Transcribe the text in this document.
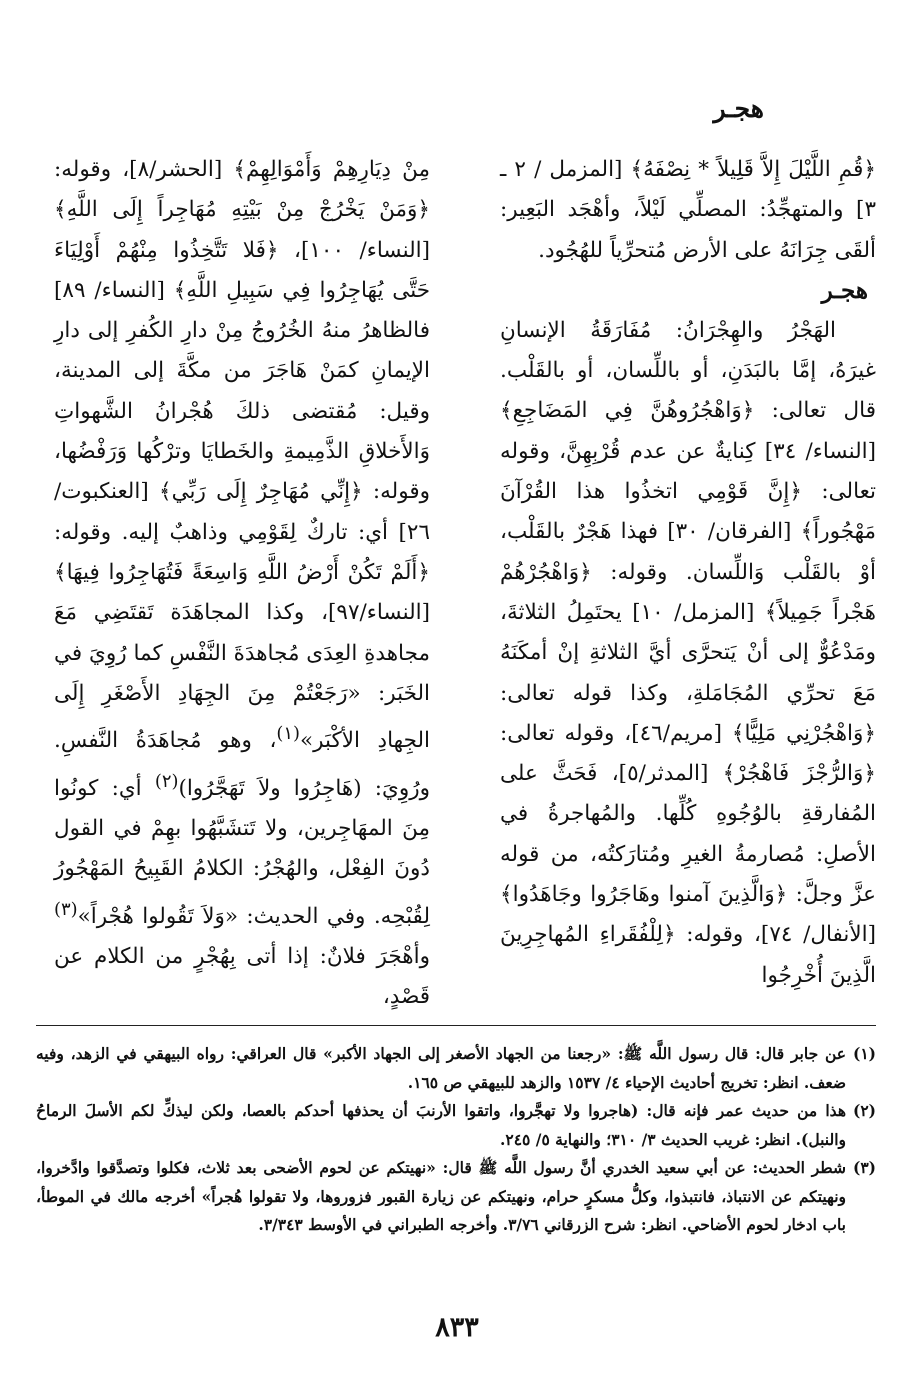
هجـر

﴿قُمِ اللَّيْلَ إِلاَّ قَلِيلاً * نِصْفَهُ﴾ [المزمل / ٢ ـ ٣] والمتهجِّدُ: المصلِّي لَيْلاً، وأهْجَد البَعِير: ألقَى جِرَانَهُ على الأرض مُتحرِّياً للهُجُود.

هجـر

الهَجْرُ والهِجْرَانُ: مُفَارَقَةُ الإنسانِ غيرَهُ، إمَّا بالبَدَنِ، أو باللِّسان، أو بالقَلْب. قال تعالى: ﴿وَاهْجُرُوهُنَّ فِي المَضَاجِعِ﴾ [النساء/ ٣٤] كِنايةٌ عن عدم قُرْبِهِنَّ، وقوله تعالى: ﴿إِنَّ قَوْمِي اتخذُوا هذا القُرْآنَ مَهْجُوراً﴾ [الفرقان/ ٣٠] فهذا هَجْرٌ بالقَلْب، أوْ بالقَلْب وَاللِّسان. وقوله: ﴿وَاهْجُرْهُمْ هَجْراً جَمِيلاً﴾ [المزمل/ ١٠] يحتَمِلُ الثلاثةَ، ومَدْعُوٌّ إلى أنْ يَتحرَّى أيَّ الثلاثةِ إنْ أمكَنَهُ مَعَ تحرِّي المُجَامَلةِ، وكذا قوله تعالى: ﴿وَاهْجُرْنِي مَلِيًّا﴾ [مريم/٤٦]، وقوله تعالى: ﴿وَالرُّجْزَ فَاهْجُرْ﴾ [المدثر/٥]، فَحَثَّ على المُفارقةِ بالوُجُوهِ كُلِّها. والمُهاجرةُ في الأصلِ: مُصارمةُ الغيرِ ومُتارَكتُه، من قوله عزَّ وجلَّ: ﴿وَالَّذِينَ آمنوا وهَاجَرُوا وجَاهَدُوا﴾ [الأنفال/ ٧٤]، وقوله: ﴿لِلْفُقَراءِ المُهاجِرِينَ الَّذِينَ أُخْرِجُوا

مِنْ دِيَارِهِمْ وَأَمْوَالِهِمْ﴾ [الحشر/٨]، وقوله: ﴿وَمَنْ يَخْرُجْ مِنْ بَيْتِهِ مُهَاجِراً إِلَى اللَّهِ﴾ [النساء/ ١٠٠]، ﴿فَلا تَتَّخِذُوا مِنْهُمْ أَوْلِيَاءَ حَتَّى يُهَاجِرُوا فِي سَبِيلِ اللَّهِ﴾ [النساء/ ٨٩] فالظاهرُ منهُ الخُرُوجُ مِنْ دارِ الكُفرِ إلى دارِ الإيمانِ كمَنْ هَاجَرَ من مكَّةَ إلى المدينة، وقيل: مُقتضى ذلكَ هُجْرانُ الشَّهواتِ وَالأَخلاقِ الذَّمِيمةِ والخَطايَا وترْكُها وَرَفْضُها، وقوله: ﴿إِنِّي مُهَاجِرٌ إِلَى رَبِّي﴾ [العنكبوت/ ٢٦] أي: تاركٌ لِقَوْمِي وذاهبٌ إليه. وقوله: ﴿أَلَمْ تَكُنْ أَرْضُ اللَّهِ وَاسِعَةً فَتُهَاجِرُوا فِيهَا﴾ [النساء/٩٧]، وكذا المجاهَدَة تَقتَضِي مَعَ مجاهدةِ العِدَى مُجاهدَةَ النَّفْسِ كما رُوِيَ في الخَبَر: «رَجَعْتُمْ مِنَ الجِهَادِ الأَصْغَرِ إِلَى الجِهادِ الأكْبَر»$^{(١)}$، وهو مُجاهَدَةُ النَّفسِ. ورُوِيَ: (هَاجِرُوا ولاَ تَهَجَّرُوا)$^{(٢)}$ أي: كونُوا مِنَ المهَاجِرين، ولا تَتشَبَّهُوا بهِمْ في القول دُونَ الفِعْل، والهُجْرُ: الكلامُ القَبِيحُ المَهْجُورُ لِقُبْحِه. وفي الحديث: «وَلاَ تَقُولوا هُجْراً»$^{(٣)}$ وأهْجَرَ فلانٌ: إذا أتى بِهُجْرٍ من الكلام عن قَصْدٍ،

(١)
عن جابر قال: قال رسول اللَّه ﷺ: «رجعنا من الجهاد الأصغر إلى الجهاد الأكبر» قال العراقي: رواه البيهقي في الزهد، وفيه ضعف. انظر: تخريج أحاديث الإحياء ٤/ ١٥٣٧ والزهد للبيهقي ص ١٦٥.

(٢)
هذا من حديث عمر فإنه قال: (هاجروا ولا تهجَّروا، واتقوا الأرنبَ أن يحذفها أحدكم بالعصا، ولكن ليذكِّ لكم الأسلَ الرماحُ والنبل). انظر: غريب الحديث ٣/ ٣١٠؛ والنهاية ٥/ ٢٤٥.

(٣)
شطر الحديث: عن أبي سعيد الخدري أنَّ رسول اللَّه ﷺ قال: «نهيتكم عن لحوم الأضحى بعد ثلاث، فكلوا وتصدَّقوا وادَّخروا، ونهيتكم عن الانتباذ، فانتبذوا، وكلُّ مسكرٍ حرام، ونهيتكم عن زيارة القبور فزوروها، ولا تقولوا هُجراً» أخرجه مالك في الموطأ، باب ادخار لحوم الأضاحي. انظر: شرح الزرقاني ٣/٧٦. وأخرجه الطبراني في الأوسط ٣/٣٤٣.

٨٣٣
